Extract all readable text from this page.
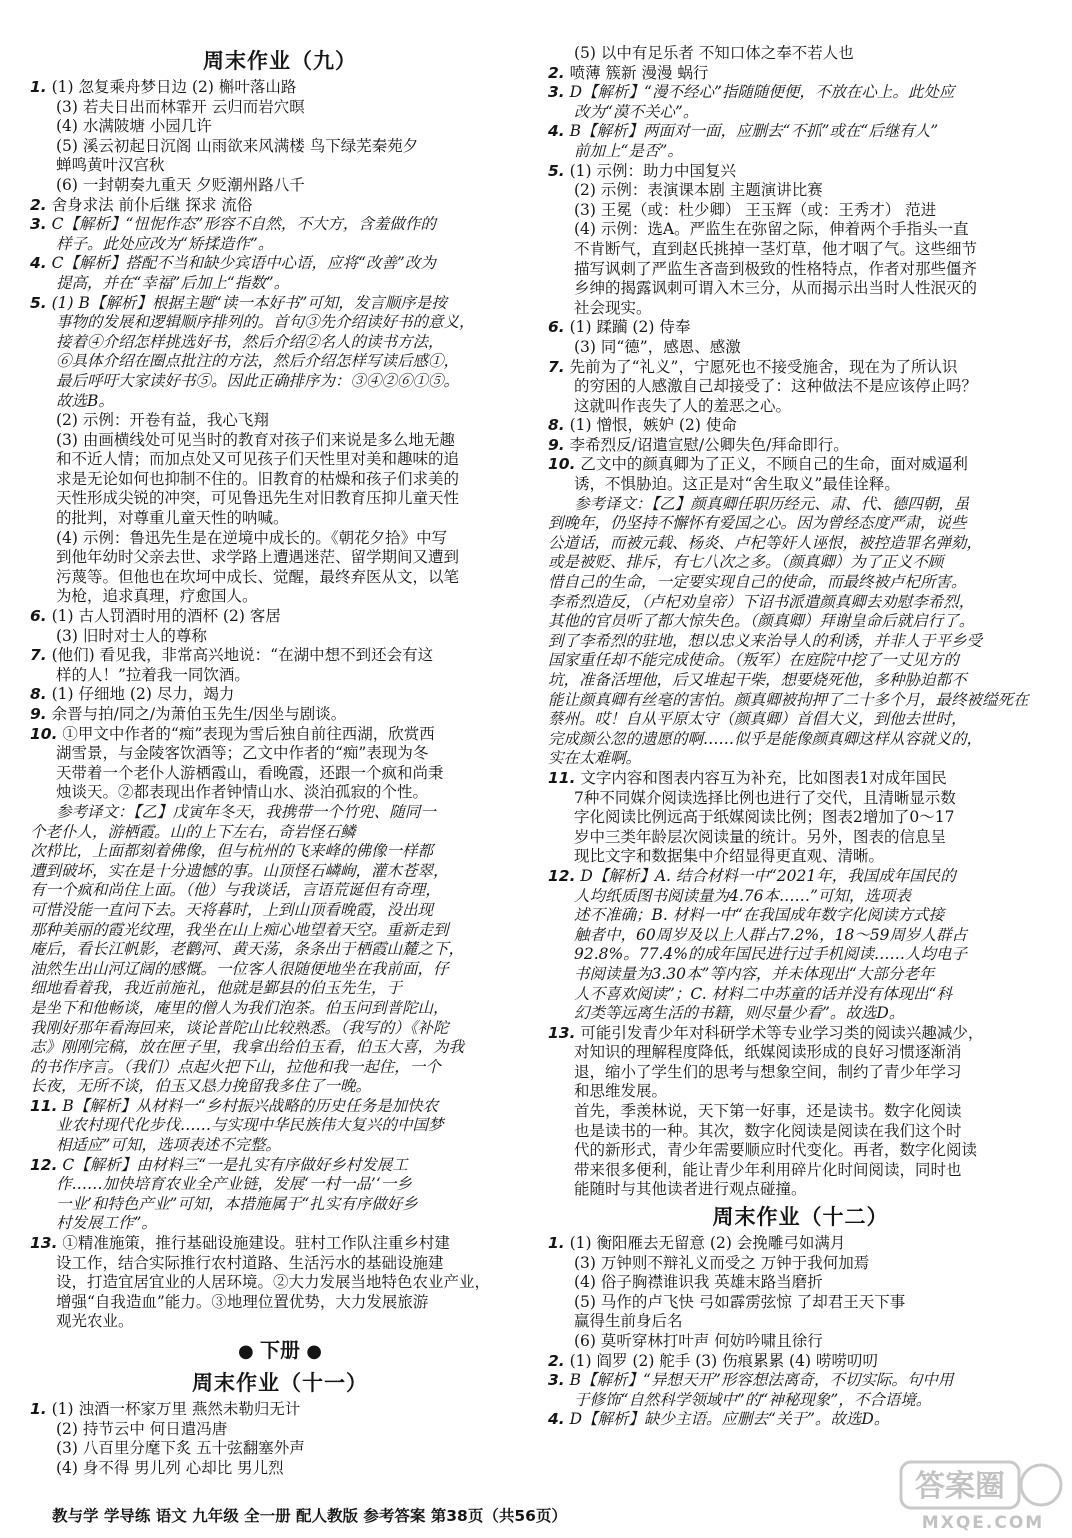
周末作业（九）
1. (1) 忽复乘舟梦日边 (2) 槲叶落山路
(3) 若夫日出而林霏开 云归而岩穴暝
(4) 水满陂塘 小园几许
(5) 溪云初起日沉阁 山雨欲来风满楼 鸟下绿芜秦苑夕
蝉鸣黄叶汉宫秋
(6) 一封朝奏九重天 夕贬潮州路八千
2. 舍身求法 前仆后继 探求 流俗
3. C【解析】“忸怩作态”形容不自然，不大方，含羞做作的
样子。此处应改为“矫揉造作”。
4. C【解析】搭配不当和缺少宾语中心语，应将“改善”改为
提高，并在“幸福”后加上“指数”。
5. (1) B【解析】根据主题“读一本好书”可知，发言顺序是按
事物的发展和逻辑顺序排列的。首句③先介绍读好书的意义，
接着④介绍怎样挑选好书，然后介绍②名人的读书方法，
⑥具体介绍在圈点批注的方法，然后介绍怎样写读后感①，
最后呼吁大家读好书⑤。因此正确排序为：③④②⑥①⑤。
故选B。
(2) 示例：开卷有益，我心飞翔
(3) 由画横线处可见当时的教育对孩子们来说是多么地无趣
和不近人情；而加点处又可见孩子们天性里对美和趣味的追
求是无论如何也抑制不住的。旧教育的枯燥和孩子们求美的
天性形成尖锐的冲突，可见鲁迅先生对旧教育压抑儿童天性
的批判，对尊重儿童天性的呐喊。
(4) 示例：鲁迅先生是在逆境中成长的。《朝花夕拾》中写
到他年幼时父亲去世、求学路上遭遇迷茫、留学期间又遭到
污蔑等。但他也在坎坷中成长、觉醒，最终弃医从文，以笔
为枪，追求真理，疗愈国人。
6. (1) 古人罚酒时用的酒杯 (2) 客居
(3) 旧时对士人的尊称
7. (他们) 看见我，非常高兴地说：“在湖中想不到还会有这
样的人！”拉着我一同饮酒。
8. (1) 仔细地 (2) 尽力，竭力
9. 余晋与拍/同之/为萧伯玉先生/因坐与剧谈。
10. ①甲文中作者的“痴”表现为雪后独自前往西湖，欣赏西
湖雪景，与金陵客饮酒等；乙文中作者的“痴”表现为冬
天带着一个老仆人游栖霞山，看晚霞，还跟一个疯和尚秉
烛谈天。②都表现出作者钟情山水、淡泊孤寂的个性。
参考译文：【乙】戊寅年冬天，我携带一个竹兜、随同一
个老仆人，游栖霞。山的上下左右，奇岩怪石鳞
次栉比，上面都刻着佛像，但与杭州的飞来峰的佛像一样都
遭到破坏，实在是十分遗憾的事。山顶怪石嶙峋，灌木苍翠，
有一个疯和尚住上面。（他）与我谈话，言语荒诞但有奇理，
可惜没能一直问下去。天将暮时，上到山顶看晚霞，没出现
那种美丽的霞光纹理，我坐在山上痴心地望着天空。重新走到
庵后，看长江帆影，老鹳河、黄天荡，条条出于栖霞山麓之下，
油然生出山河辽阔的感慨。一位客人很随便地坐在我前面，仔
细地看着我，我近前施礼，他就是鄞县的伯玉先生，于
是坐下和他畅谈，庵里的僧人为我们泡茶。伯玉问到普陀山，
我刚好那年看海回来，谈论普陀山比较熟悉。（我写的）《补陀
志》刚刚完稿，放在匣子里，我拿出给伯玉看，伯玉大喜，为我
的书作序言。（我们）点起火把下山，拉他和我一起住，一个
长夜，无所不谈，伯玉又恳力挽留我多住了一晚。
11. B【解析】从材料一“乡村振兴战略的历史任务是加快农
业农村现代化步伐……与实现中华民族伟大复兴的中国梦
相适应”可知，选项表述不完整。
12. C【解析】由材料三“一是扎实有序做好乡村发展工
作……加快培育农业全产业链，发展‘一村一品’‘一乡
一业’和特色产业”可知，本措施属于“扎实有序做好乡
村发展工作”。
13. ①精准施策，推行基础设施建设。驻村工作队注重乡村建
设工作，结合实际推行农村道路、生活污水的基础设施建
设，打造宜居宜业的人居环境。②大力发展当地特色农业产业，
增强“自我造血”能力。③地理位置优势，大力发展旅游
观光农业。
● 下册 ●
周末作业（十一）
1. (1) 浊酒一杯家万里 燕然未勒归无计
(2) 持节云中 何日遣冯唐
(3) 八百里分麾下炙 五十弦翻塞外声
(4) 身不得 男儿列 心却比 男儿烈
(5) 以中有足乐者 不知口体之奉不若人也
2. 喷薄 簇新 漫漫 蜗行
3. D【解析】“漫不经心”指随随便便，不放在心上。此处应
改为“漠不关心”。
4. B【解析】两面对一面，应删去“不抓”或在“后继有人”
前加上“是否”。
5. (1) 示例：助力中国复兴
(2) 示例：表演课本剧 主题演讲比赛
(3) 王冕（或：杜少卿） 王玉辉（或：王秀才） 范进
(4) 示例：选A。严监生在弥留之际，伸着两个手指头一直
不肯断气，直到赵氏挑掉一茎灯草，他才咽了气。这些细节
描写讽刺了严监生吝啬到极致的性格特点，作者对那些僵齐
乡绅的揭露讽刺可谓入木三分，从而揭示出当时人性泯灭的
社会现实。
6. (1) 蹂躏 (2) 侍奉
(3) 同“德”，感恩、感激
7. 先前为了“礼义”，宁愿死也不接受施舍，现在为了所认识
的穷困的人感激自己却接受了：这种做法不是应该停止吗？
这就叫作丧失了人的羞恶之心。
8. (1) 憎恨，嫉妒 (2) 使命
9. 李希烈反/诏遣宣慰/公卿失色/拜命即行。
10. 乙文中的颜真卿为了正义，不顾自己的生命，面对威逼利
诱，不惧胁迫。这正是对“舍生取义”最佳诠释。
参考译文：【乙】颜真卿任职历经元、肃、代、德四朝，虽
到晚年，仍坚持不懈怀有爱国之心。因为曾经态度严肃，说些
公道话，而被元载、杨炎、卢杞等奸人诬恨，被控造罪名弹劾，
或是被贬、排斥，有七八次之多。（颜真卿）为了正义不顾
惜自己的生命，一定要实现自己的使命，而最终被卢杞所害。
李希烈造反，（卢杞劝皇帝）下诏书派遣颜真卿去劝慰李希烈，
其他的官员听了都大惊失色。（颜真卿）拜谢皇命后就启行了。
到了李希烈的驻地，想以忠义来治导人的利诱，并非人于平乡受
国家重任却不能完成使命。（叛军）在庭院中挖了一丈见方的
坑，准备活埋他，后又堆起干柴，想要烧死他，多种胁迫都不
能让颜真卿有丝毫的害怕。颜真卿被拘押了二十多个月，最终被缢死在
蔡州。哎！自从平原太守（颜真卿）首倡大义，到他去世时，
完成颜公忽的遗愿的啊……似乎是能像颜真卿这样从容就义的，
实在太难啊。
11. 文字内容和图表内容互为补充，比如图表1对成年国民
7种不同媒介阅读选择比例也进行了交代，且清晰显示数
字化阅读比例远高于纸媒阅读比例；图表2增加了0～17
岁中三类年龄层次阅读量的统计。另外，图表的信息呈
现比文字和数据集中介绍显得更直观、清晰。
12. D【解析】A. 结合材料一中“2021年，我国成年国民的
人均纸质图书阅读量为4.76本……”可知，选项表
述不准确；B. 材料一中“在我国成年数字化阅读方式接
触者中，60周岁及以上人群占7.2%，18～59周岁人群占
92.8%。77.4%的成年国民进行过手机阅读……人均电子
书阅读量为3.30本”等内容，并未体现出“大部分老年
人不喜欢阅读”；C. 材料二中苏童的话并没有体现出“科
幻类等远离生活的书籍，则尽量少看”。故选D。
13. 可能引发青少年对科研学术等专业学习类的阅读兴趣减少，
对知识的理解程度降低，纸媒阅读形成的良好习惯逐渐消
退，缩小了学生们的思考与想象空间，制约了青少年学习
和思维发展。
首先，季羡林说，天下第一好事，还是读书。数字化阅读
也是读书的一种。其次，数字化阅读是阅读在我们这个时
代的新形式，青少年需要顺应时代变化。再者，数字化阅读
带来很多便利，能让青少年利用碎片化时间阅读，同时也
能随时与其他读者进行观点碰撞。
周末作业（十二）
1. (1) 衡阳雁去无留意 (2) 会挽雕弓如满月
(3) 万钟则不辩礼义而受之 万钟于我何加焉
(4) 俗子胸襟谁识我 英雄末路当磨折
(5) 马作的卢飞快 弓如霹雳弦惊 了却君王天下事
赢得生前身后名
(6) 莫听穿林打叶声 何妨吟啸且徐行
2. (1) 阎罗 (2) 舵手 (3) 伤痕累累 (4) 唠唠叨叨
3. B【解析】“异想天开”形容想法离奇，不切实际。句中用
于修饰“自然科学领域中”的“神秘现象”，不合语境。
4. D【解析】缺少主语。应删去“关于”。故选D。
教与学 学导练 语文 九年级 全一册 配人教版 参考答案 第38页（共56页）
答案圈
MXQE.COM
